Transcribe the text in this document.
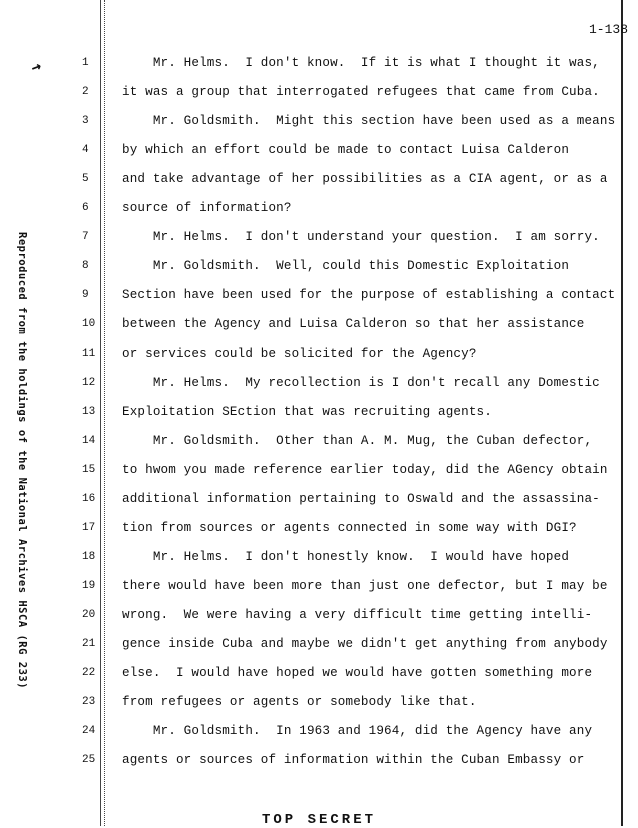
↗
1-138
Reproduced from the holdings of the National Archives HSCA (RG 233)
1	Mr. Helms.  I don't know.  If it is what I thought it was,
2	it was a group that interrogated refugees that came from Cuba.
3	Mr. Goldsmith.  Might this section have been used as a means
4	by which an effort could be made to contact Luisa Calderon
5	and take advantage of her possibilities as a CIA agent, or as a
6	source of information?
7	Mr. Helms.  I don't understand your question.  I am sorry.
8	Mr. Goldsmith.  Well, could this Domestic Exploitation
9	Section have been used for the purpose of establishing a contact
10	between the Agency and Luisa Calderon so that her assistance
11	or services could be solicited for the Agency?
12	Mr. Helms.  My recollection is I don't recall any Domestic
13	Exploitation SEction that was recruiting agents.
14	Mr. Goldsmith.  Other than A. M. Mug, the Cuban defector,
15	to hwom you made reference earlier today, did the AGency obtain
16	additional information pertaining to Oswald and the assassina-
17	tion from sources or agents connected in some way with DGI?
18	Mr. Helms.  I don't honestly know.  I would have hoped
19	there would have been more than just one defector, but I may be
20	wrong.  We were having a very difficult time getting intelli-
21	gence inside Cuba and maybe we didn't get anything from anybody
22	else.  I would have hoped we would have gotten something more
23	from refugees or agents or somebody like that.
24	Mr. Goldsmith.  In 1963 and 1964, did the Agency have any
25	agents or sources of information within the Cuban Embassy or
TOP SECRET
